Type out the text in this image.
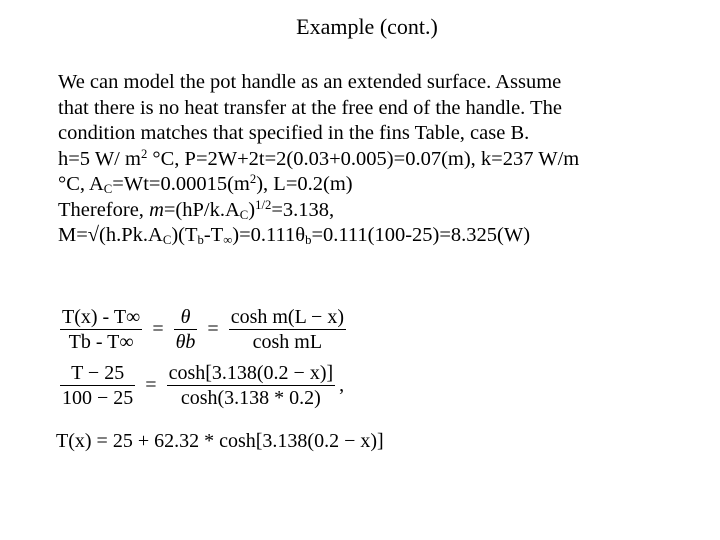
Example (cont.)
We can model the pot handle as an extended surface. Assume
that there is no heat transfer at the free end of the handle. The
condition matches that specified in the fins Table, case B.
h=5 W/ $m^2$ °C, P=2W+2t=2(0.03+0.005)=0.07(m), k=237 W/m
°C, $A_C=Wt=0.00015(m^2)$, L=0.2(m)
Therefore, $m=(hP/k.A_C)^{1/2}=3.138$,
$M=√(h.Pk.A_C)(T_b-T_\infty)=0.111\theta_b=0.111(100-25)=8.325(W)$
$\frac{T(x) - T\infty}{Tb - T\infty} = \frac{\theta}{\theta b} = \frac{\text{cosh m(L − x)}}{\text{cosh mL}}$
$\frac{T - 25}{100 - 25} = \frac{\cosh[3.138(0.2 - x)]}{\cosh(3.138 * 0.2)}$ ,
T(x) = 25 + 62.32 * cosh[3.138(0.2 − x)]
